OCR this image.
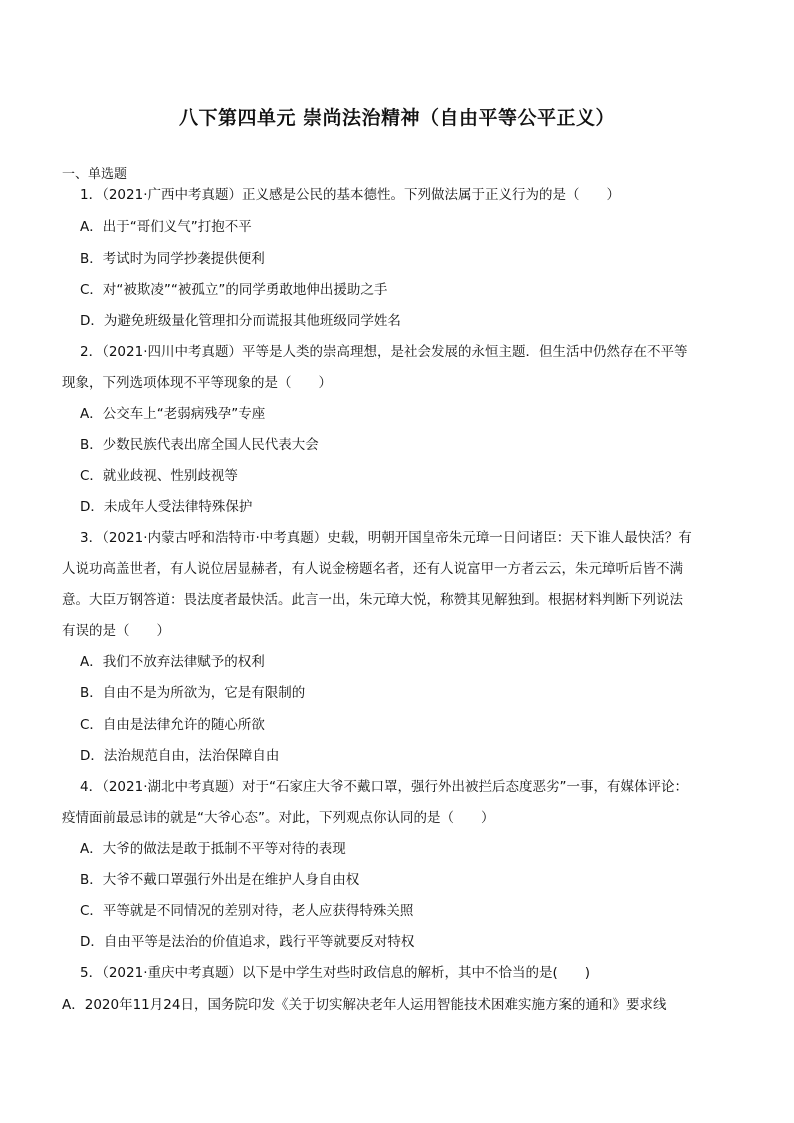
八下第四单元 崇尚法治精神（自由平等公平正义）
一、单选题
1．（2021·广西中考真题）正义感是公民的基本德性。下列做法属于正义行为的是（　　）
A．出于“哥们义气”打抱不平
B．考试时为同学抄袭提供便利
C．对“被欺凌”“被孤立”的同学勇敢地伸出援助之手
D．为避免班级量化管理扣分而谎报其他班级同学姓名
2．（2021·四川中考真题）平等是人类的崇高理想，是社会发展的永恒主题．但生活中仍然存在不平等
现象，下列选项体现不平等现象的是（　　）
A．公交车上“老弱病残孕”专座
B．少数民族代表出席全国人民代表大会
C．就业歧视、性别歧视等
D．未成年人受法律特殊保护
3．（2021·内蒙古呼和浩特市·中考真题）史载，明朝开国皇帝朱元璋一日问诸臣：天下谁人最快活？有
人说功高盖世者，有人说位居显赫者，有人说金榜题名者，还有人说富甲一方者云云，朱元璋听后皆不满
意。大臣万钢答道：畏法度者最快活。此言一出，朱元璋大悦，称赞其见解独到。根据材料判断下列说法
有误的是（　　）
A．我们不放弃法律赋予的权利
B．自由不是为所欲为，它是有限制的
C．自由是法律允许的随心所欲
D．法治规范自由，法治保障自由
4．（2021·湖北中考真题）对于“石家庄大爷不戴口罩，强行外出被拦后态度恶劣”一事，有媒体评论：
疫情面前最忌讳的就是“大爷心态”。对此，下列观点你认同的是（　　）
A．大爷的做法是敢于抵制不平等对待的表现
B．大爷不戴口罩强行外出是在维护人身自由权
C．平等就是不同情况的差别对待，老人应获得特殊关照
D．自由平等是法治的价值追求，践行平等就要反对特权
5．（2021·重庆中考真题）以下是中学生对些时政信息的解析，其中不恰当的是(　　)
A．2020年11月24日，国务院印发《关于切实解决老年人运用智能技术困难实施方案的通和》要求线
